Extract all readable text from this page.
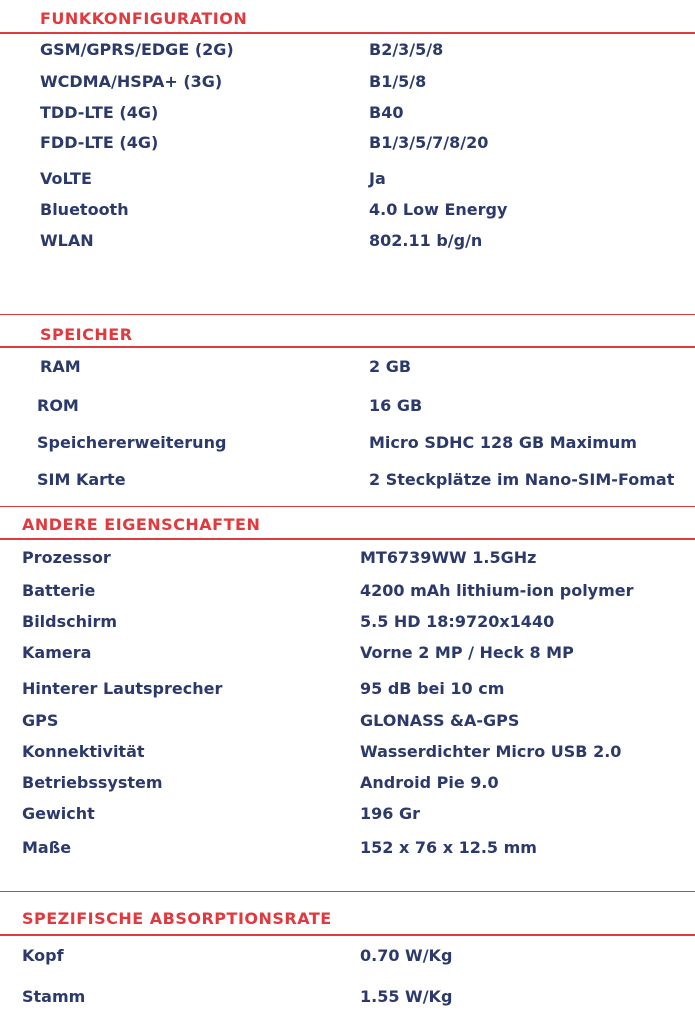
FUNKKONFIGURATION
GSM/GPRS/EDGE (2G)	B2/3/5/8
WCDMA/HSPA+ (3G)	B1/5/8
TDD-LTE (4G)	B40
FDD-LTE (4G)	B1/3/5/7/8/20
VoLTE	Ja
Bluetooth	4.0 Low Energy
WLAN	802.11 b/g/n
SPEICHER
RAM	2 GB
ROM	16 GB
Speichererweiterung	Micro SDHC 128 GB Maximum
SIM Karte	2 Steckplätze im Nano-SIM-Fomat
ANDERE EIGENSCHAFTEN
Prozessor	MT6739WW 1.5GHz
Batterie	4200 mAh lithium-ion polymer
Bildschirm	5.5 HD 18:9720x1440
Kamera	Vorne 2 MP / Heck 8 MP
Hinterer Lautsprecher	95 dB bei 10 cm
GPS	GLONASS &A-GPS
Konnektivität	Wasserdichter Micro USB 2.0
Betriebssystem	Android Pie 9.0
Gewicht	196 Gr
Maße	152 x 76 x 12.5 mm
SPEZIFISCHE ABSORPTIONSRATE
Kopf	0.70 W/Kg
Stamm	1.55 W/Kg
